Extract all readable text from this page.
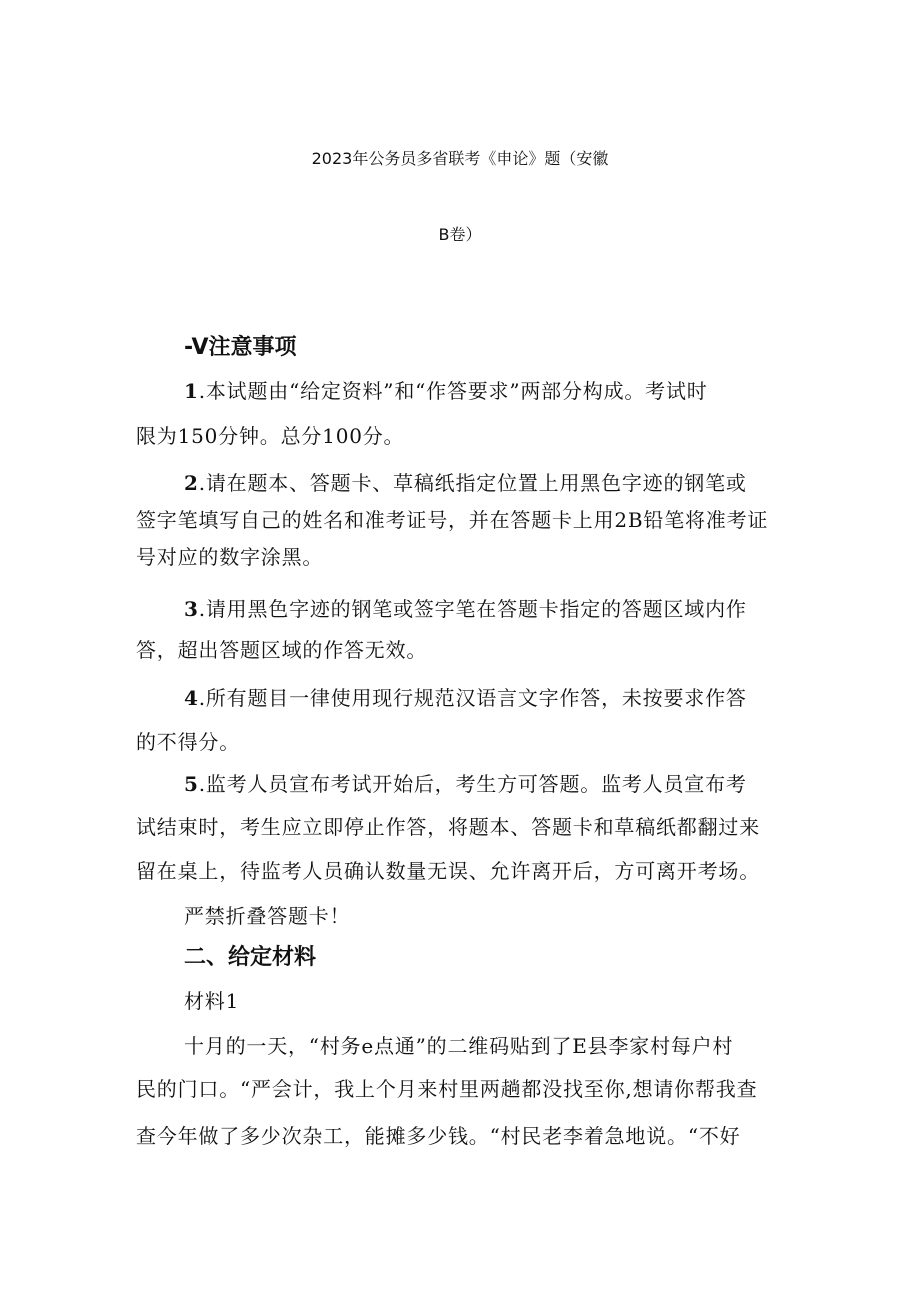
2023年公务员多省联考《申论》题（安徽
B卷）
-V注意事项
1.本试题由“给定资料”和“作答要求”两部分构成。考试时
限为150分钟。总分100分。
2.请在题本、答题卡、草稿纸指定位置上用黑色字迹的钢笔或
签字笔填写自己的姓名和准考证号，并在答题卡上用2B铅笔将准考证
号对应的数字涂黑。
3.请用黑色字迹的钢笔或签字笔在答题卡指定的答题区域内作
答，超出答题区域的作答无效。
4.所有题目一律使用现行规范汉语言文字作答，未按要求作答
的不得分。
5.监考人员宣布考试开始后，考生方可答题。监考人员宣布考
试结束时，考生应立即停止作答，将题本、答题卡和草稿纸都翻过来
留在桌上，待监考人员确认数量无误、允许离开后，方可离开考场。
严禁折叠答题卡！
二、给定材料
材料1
十月的一天，“村务e点通”的二维码贴到了E县李家村每户村
民的门口。“严会计，我上个月来村里两趟都没找至你,想请你帮我查
查今年做了多少次杂工，能摊多少钱。“村民老李着急地说。“不好
